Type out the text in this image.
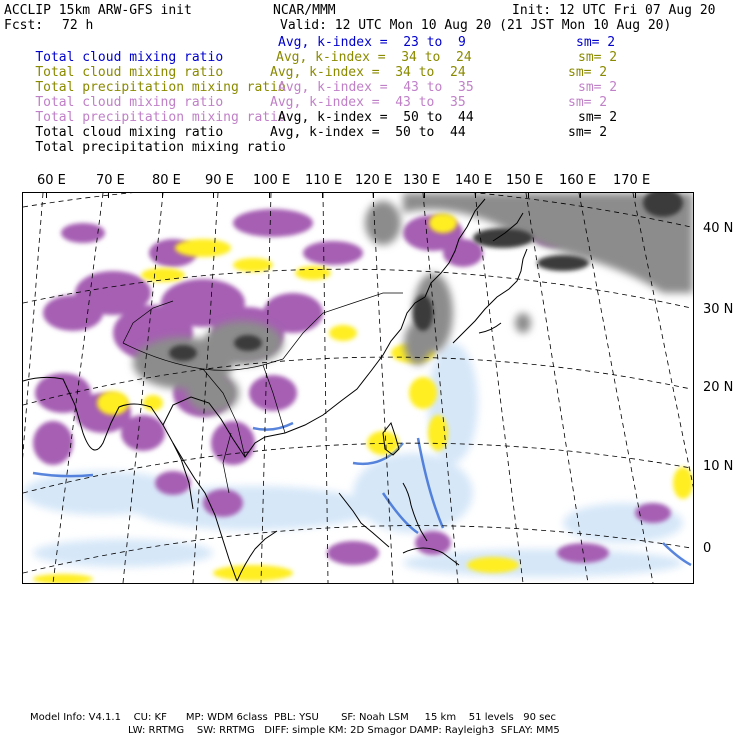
ACCLIP 15km ARW-GFS init	NCAR/MMM	Init: 12 UTC Fri 07 Aug 20
Fcst: 72 h	Valid: 12 UTC Mon 10 Aug 20 (21 JST Mon 10 Aug 20)

Total cloud mixing ratio

Avg, k-index =  23 to  9	sm= 2

Total cloud mixing ratio

Avg, k-index =  34 to  24	sm= 2

Total precipitation mixing ratio

Avg, k-index =  34 to  24	sm= 2

Total cloud mixing ratio

Avg, k-index =  43 to  35	sm= 2

Total precipitation mixing ratio

Avg, k-index =  43 to  35	sm= 2

Total cloud mixing ratio

Avg, k-index =  50 to  44	sm= 2

Total precipitation mixing ratio

Avg, k-index =  50 to  44	sm= 2
60 E 70 E 80 E 90 E 100 E 110 E 120 E 130 E 140 E 150 E 160 E 170 E
40 N
30 N
20 N
10 N
0
Model Info: V4.1.1    CU: KF      MP: WDM 6class  PBL: YSU       SF: Noah LSM     15 km    51 levels   90 sec
LW: RRTMG    SW: RRTMG   DIFF: simple KM: 2D Smagor DAMP: Rayleigh3  SFLAY: MM5
